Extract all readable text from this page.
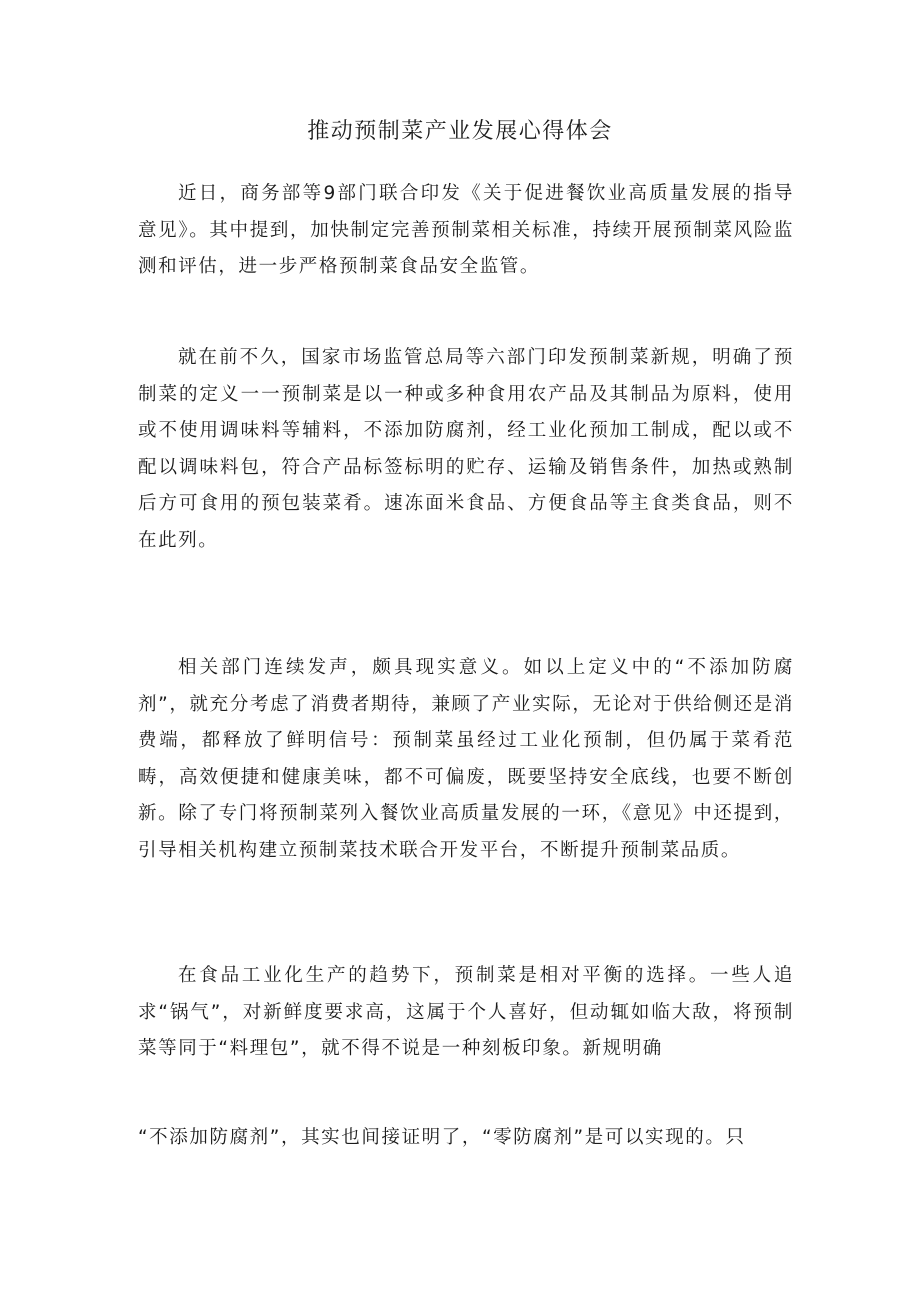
推动预制菜产业发展心得体会

近日，商务部等9部门联合印发《关于促进餐饮业高质量发展的指导意见》。其中提到，加快制定完善预制菜相关标准，持续开展预制菜风险监测和评估，进一步严格预制菜食品安全监管。

就在前不久，国家市场监管总局等六部门印发预制菜新规，明确了预制菜的定义一一预制菜是以一种或多种食用农产品及其制品为原料，使用或不使用调味料等辅料，不添加防腐剂，经工业化预加工制成，配以或不配以调味料包，符合产品标签标明的贮存、运输及销售条件，加热或熟制后方可食用的预包装菜肴。速冻面米食品、方便食品等主食类食品，则不在此列。

相关部门连续发声，颇具现实意义。如以上定义中的“不添加防腐剂”，就充分考虑了消费者期待，兼顾了产业实际，无论对于供给侧还是消费端，都释放了鲜明信号：预制菜虽经过工业化预制，但仍属于菜肴范畴，高效便捷和健康美味，都不可偏废，既要坚持安全底线，也要不断创新。除了专门将预制菜列入餐饮业高质量发展的一环，《意见》中还提到，引导相关机构建立预制菜技术联合开发平台，不断提升预制菜品质。

在食品工业化生产的趋势下，预制菜是相对平衡的选择。一些人追求“锅气”，对新鲜度要求高，这属于个人喜好，但动辄如临大敌，将预制菜等同于“料理包”，就不得不说是一种刻板印象。新规明确

“不添加防腐剂”，其实也间接证明了，“零防腐剂”是可以实现的。只
